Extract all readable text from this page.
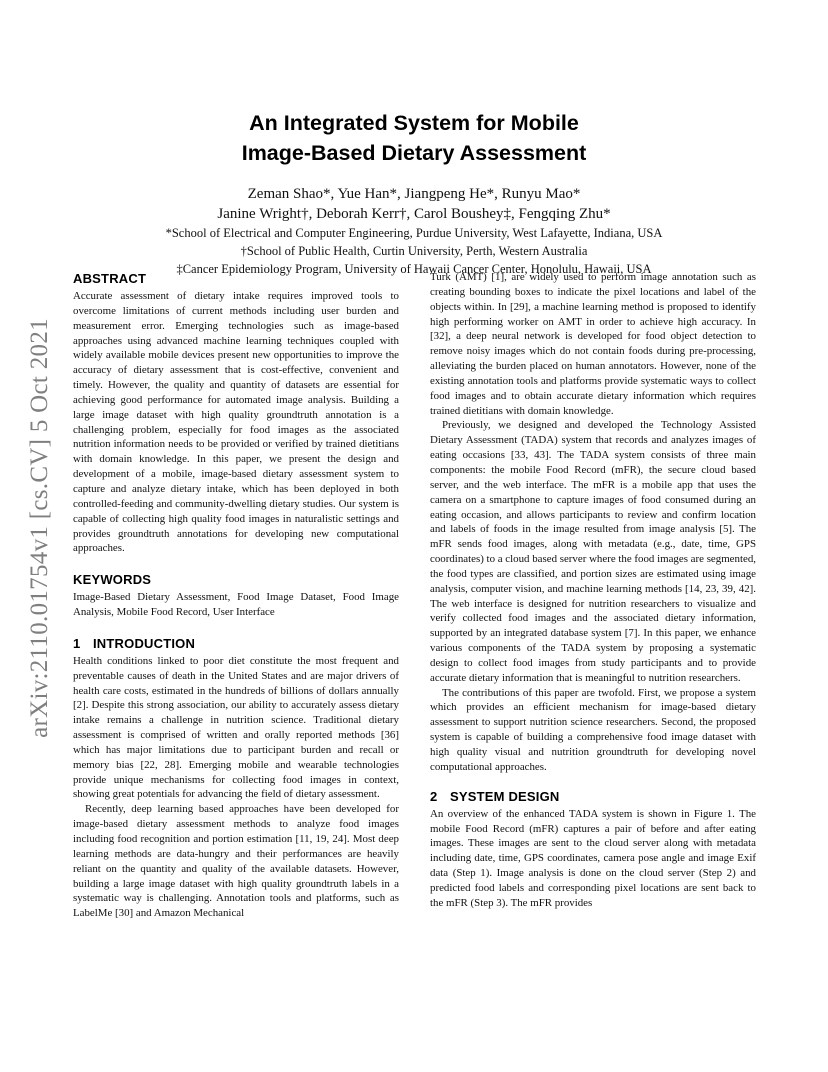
arXiv:2110.01754v1 [cs.CV] 5 Oct 2021
An Integrated System for Mobile
Image-Based Dietary Assessment
Zeman Shao*, Yue Han*, Jiangpeng He*, Runyu Mao*
Janine Wright†, Deborah Kerr†, Carol Boushey‡, Fengqing Zhu*
*School of Electrical and Computer Engineering, Purdue University, West Lafayette, Indiana, USA
†School of Public Health, Curtin University, Perth, Western Australia
‡Cancer Epidemiology Program, University of Hawaii Cancer Center, Honolulu, Hawaii, USA
ABSTRACT

Accurate assessment of dietary intake requires improved tools to overcome limitations of current methods including user burden and measurement error. Emerging technologies such as image-based approaches using advanced machine learning techniques coupled with widely available mobile devices present new opportunities to improve the accuracy of dietary assessment that is cost-effective, convenient and timely. However, the quality and quantity of datasets are essential for achieving good performance for automated image analysis. Building a large image dataset with high quality groundtruth annotation is a challenging problem, especially for food images as the associated nutrition information needs to be provided or verified by trained dietitians with domain knowledge. In this paper, we present the design and development of a mobile, image-based dietary assessment system to capture and analyze dietary intake, which has been deployed in both controlled-feeding and community-dwelling dietary studies. Our system is capable of collecting high quality food images in naturalistic settings and provides groundtruth annotations for developing new computational approaches.

KEYWORDS

Image-Based Dietary Assessment, Food Image Dataset, Food Image Analysis, Mobile Food Record, User Interface

1 INTRODUCTION

Health conditions linked to poor diet constitute the most frequent and preventable causes of death in the United States and are major drivers of health care costs, estimated in the hundreds of billions of dollars annually [2]. Despite this strong association, our ability to accurately assess dietary intake remains a challenge in nutrition science. Traditional dietary assessment is comprised of written and orally reported methods [36] which has major limitations due to participant burden and recall or memory bias [22, 28]. Emerging mobile and wearable technologies provide unique mechanisms for collecting food images in context, showing great potentials for advancing the field of dietary assessment.

Recently, deep learning based approaches have been developed for image-based dietary assessment methods to analyze food images including food recognition and portion estimation [11, 19, 24]. Most deep learning methods are data-hungry and their performances are heavily reliant on the quantity and quality of the available datasets. However, building a large image dataset with high quality groundtruth labels in a systematic way is challenging. Annotation tools and platforms, such as LabelMe [30] and Amazon Mechanical

Turk (AMT) [1], are widely used to perform image annotation such as creating bounding boxes to indicate the pixel locations and label of the objects within. In [29], a machine learning method is proposed to identify high performing worker on AMT in order to achieve high accuracy. In [32], a deep neural network is developed for food object detection to remove noisy images which do not contain foods during pre-processing, alleviating the burden placed on human annotators. However, none of the existing annotation tools and platforms provide systematic ways to collect food images and to obtain accurate dietary information which requires trained dietitians with domain knowledge.

Previously, we designed and developed the Technology Assisted Dietary Assessment (TADA) system that records and analyzes images of eating occasions [33, 43]. The TADA system consists of three main components: the mobile Food Record (mFR), the secure cloud based server, and the web interface. The mFR is a mobile app that uses the camera on a smartphone to capture images of food consumed during an eating occasion, and allows participants to review and confirm location and labels of foods in the image resulted from image analysis [5]. The mFR sends food images, along with metadata (e.g., date, time, GPS coordinates) to a cloud based server where the food images are segmented, the food types are classified, and portion sizes are estimated using image analysis, computer vision, and machine learning methods [14, 23, 39, 42]. The web interface is designed for nutrition researchers to visualize and verify collected food images and the associated dietary information, supported by an integrated database system [7]. In this paper, we enhance various components of the TADA system by proposing a systematic design to collect food images from study participants and to provide accurate dietary information that is meaningful to nutrition researchers.

The contributions of this paper are twofold. First, we propose a system which provides an efficient mechanism for image-based dietary assessment to support nutrition science researchers. Second, the proposed system is capable of building a comprehensive food image dataset with high quality visual and nutrition groundtruth for developing novel computational approaches.

2 SYSTEM DESIGN

An overview of the enhanced TADA system is shown in Figure 1. The mobile Food Record (mFR) captures a pair of before and after eating images. These images are sent to the cloud server along with metadata including date, time, GPS coordinates, camera pose angle and image Exif data (Step 1). Image analysis is done on the cloud server (Step 2) and predicted food labels and corresponding pixel locations are sent back to the mFR (Step 3). The mFR provides
